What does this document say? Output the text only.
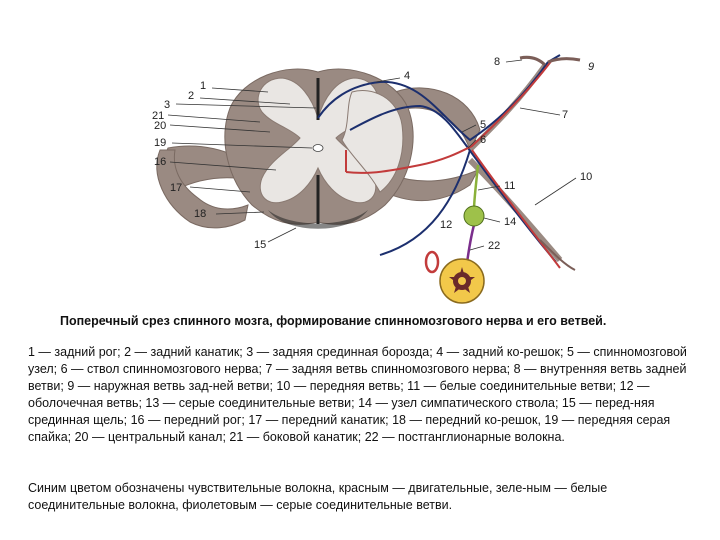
1
2
3
21
20
19
16
17
18
15
4
5
6
7
8	9
10
11
12	14
22
Поперечный срез спинного мозга, формирование спинномозгового нерва и его ветвей.
1 — задний рог; 2 — задний канатик; 3 — задняя срединная борозда; 4 — задний ко-решок; 5 — спинномозговой узел; 6 — ствол спинномозгового нерва; 7 — задняя ветвь спинномозгового нерва; 8 — внутренняя ветвь задней ветви; 9 — наружная ветвь зад-ней ветви; 10 — передняя ветвь; 11 — белые соединительные ветви; 12 — оболочечная ветвь; 13 — серые соединительные ветви; 14 — узел симпатического ствола; 15 — перед-няя срединная щель; 16 — передний рог; 17 — передний канатик; 18 — передний ко-решок, 19 — передняя серая спайка; 20 — центральный канал; 21 — боковой канатик; 22 — постганглионарные волокна.
Синим цветом обозначены чувствительные волокна, красным — двигательные, зеле-ным — белые соединительные волокна, фиолетовым — серые соединительные ветви.
